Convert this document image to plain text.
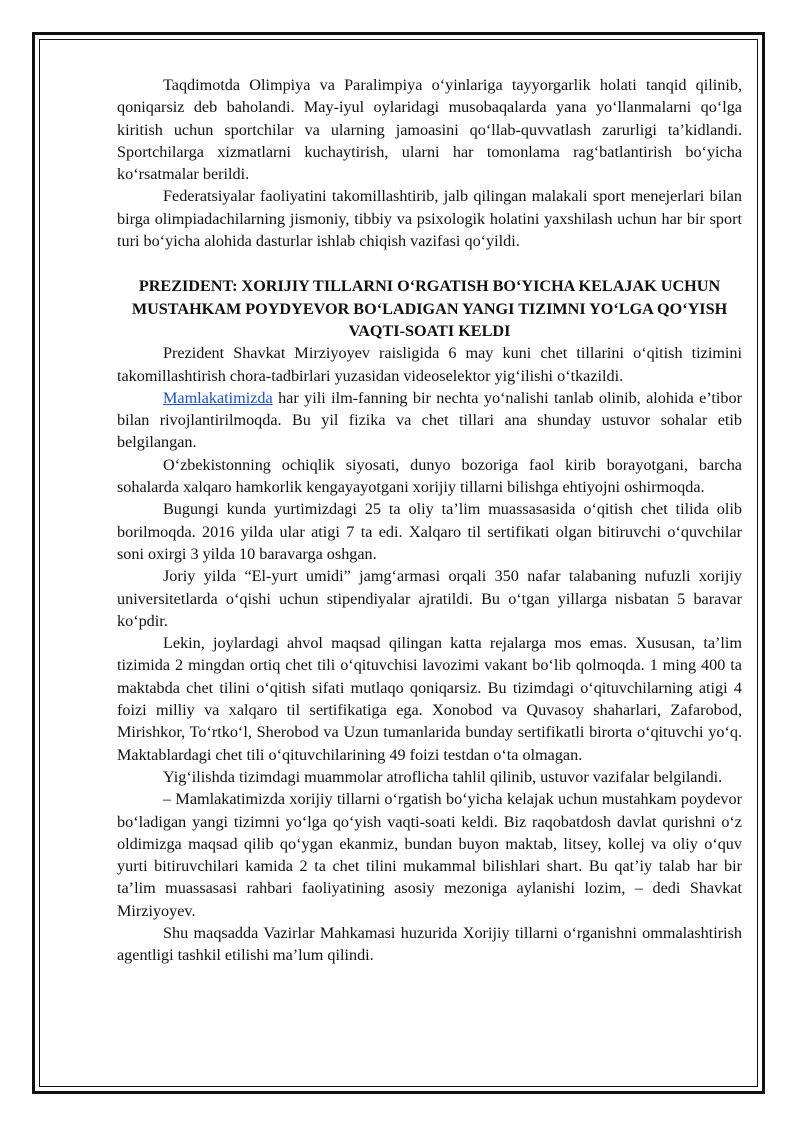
Taqdimotda Olimpiya va Paralimpiya o‘yinlariga tayyorgarlik holati tanqid qilinib, qoniqarsiz deb baholandi. May-iyul oylaridagi musobaqalarda yana yo‘llanmalarni qo‘lga kiritish uchun sportchilar va ularning jamoasini qo‘llab-quvvatlash zarurligi ta’kidlandi. Sportchilarga xizmatlarni kuchaytirish, ularni har tomonlama rag‘batlantirish bo‘yicha ko‘rsatmalar berildi.

Federatsiyalar faoliyatini takomillashtirib, jalb qilingan malakali sport menejerlari bilan birga olimpiadachilarning jismoniy, tibbiy va psixologik holatini yaxshilash uchun har bir sport turi bo‘yicha alohida dasturlar ishlab chiqish vazifasi qo‘yildi.

PREZIDENT: XORIJIY TILLARNI O‘RGATISH BO‘YICHA KELAJAK UCHUN MUSTAHKAM POYDYEVOR BO‘LADIGAN YANGI TIZIMNI YO‘LGA QO‘YISH VAQTI-SOATI KELDI

Prezident Shavkat Mirziyoyev raisligida 6 may kuni chet tillarini o‘qitish tizimini takomillashtirish chora-tadbirlari yuzasidan videoselektor yig‘ilishi o‘tkazildi.

Mamlakatimizda har yili ilm-fanning bir nechta yo‘nalishi tanlab olinib, alohida e’tibor bilan rivojlantirilmoqda. Bu yil fizika va chet tillari ana shunday ustuvor sohalar etib belgilangan.

O‘zbekistonning ochiqlik siyosati, dunyo bozoriga faol kirib borayotgani, barcha sohalarda xalqaro hamkorlik kengayayotgani xorijiy tillarni bilishga ehtiyojni oshirmoqda.

Bugungi kunda yurtimizdagi 25 ta oliy ta’lim muassasasida o‘qitish chet tilida olib borilmoqda. 2016 yilda ular atigi 7 ta edi. Xalqaro til sertifikati olgan bitiruvchi o‘quvchilar soni oxirgi 3 yilda 10 baravarga oshgan.

Joriy yilda “El-yurt umidi” jamg‘armasi orqali 350 nafar talabaning nufuzli xorijiy universitetlarda o‘qishi uchun stipendiyalar ajratildi. Bu o‘tgan yillarga nisbatan 5 baravar ko‘pdir.

Lekin, joylardagi ahvol maqsad qilingan katta rejalarga mos emas. Xususan, ta’lim tizimida 2 mingdan ortiq chet tili o‘qituvchisi lavozimi vakant bo‘lib qolmoqda. 1 ming 400 ta maktabda chet tilini o‘qitish sifati mutlaqo qoniqarsiz. Bu tizimdagi o‘qituvchilarning atigi 4 foizi milliy va xalqaro til sertifikatiga ega. Xonobod va Quvasoy shaharlari, Zafarobod, Mirishkor, To‘rtko‘l, Sherobod va Uzun tumanlarida bunday sertifikatli birorta o‘qituvchi yo‘q. Maktablardagi chet tili o‘qituvchilarining 49 foizi testdan o‘ta olmagan.

Yig‘ilishda tizimdagi muammolar atroflicha tahlil qilinib, ustuvor vazifalar belgilandi.

– Mamlakatimizda xorijiy tillarni o‘rgatish bo‘yicha kelajak uchun mustahkam poydevor bo‘ladigan yangi tizimni yo‘lga qo‘yish vaqti-soati keldi. Biz raqobatdosh davlat qurishni o‘z oldimizga maqsad qilib qo‘ygan ekanmiz, bundan buyon maktab, litsey, kollej va oliy o‘quv yurti bitiruvchilari kamida 2 ta chet tilini mukammal bilishlari shart. Bu qat’iy talab har bir ta’lim muassasasi rahbari faoliyatining asosiy mezoniga aylanishi lozim, – dedi Shavkat Mirziyoyev.

Shu maqsadda Vazirlar Mahkamasi huzurida Xorijiy tillarni o‘rganishni ommalashtirish agentligi tashkil etilishi ma’lum qilindi.
